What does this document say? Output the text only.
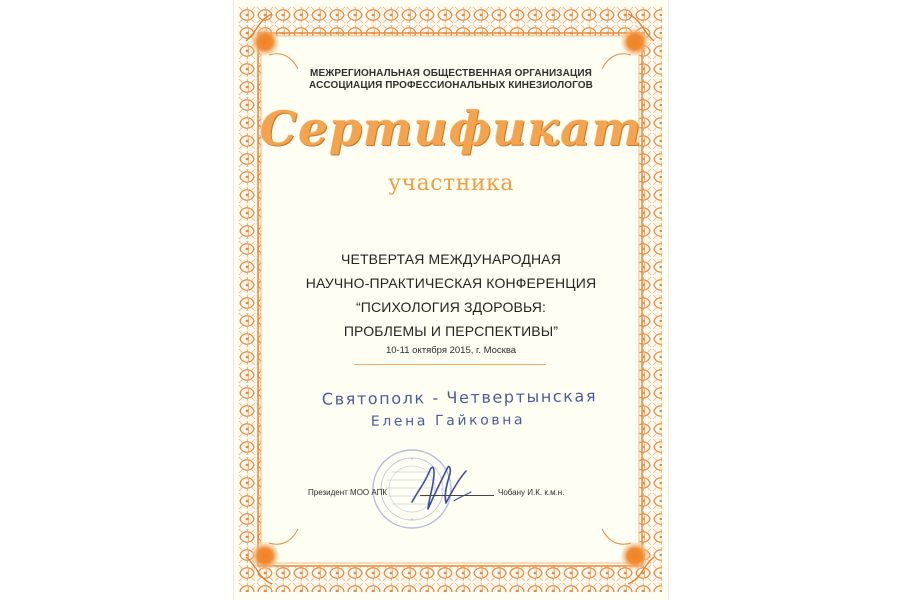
МЕЖРЕГИОНАЛЬНАЯ ОБЩЕСТВЕННАЯ ОРГАНИЗАЦИЯ
АССОЦИАЦИЯ ПРОФЕССИОНАЛЬНЫХ КИНЕЗИОЛОГОВ
Сертификат
участника
ЧЕТВЕРТАЯ МЕЖДУНАРОДНАЯ
НАУЧНО-ПРАКТИЧЕСКАЯ КОНФЕРЕНЦИЯ
“ПСИХОЛОГИЯ ЗДОРОВЬЯ:
ПРОБЛЕМЫ И ПЕРСПЕКТИВЫ”
10-11 октября 2015, г. Москва
Святополк - Четвертынская
Елена Гайковна
Президент МОО АПК	Чобану И.К. к.м.н.
